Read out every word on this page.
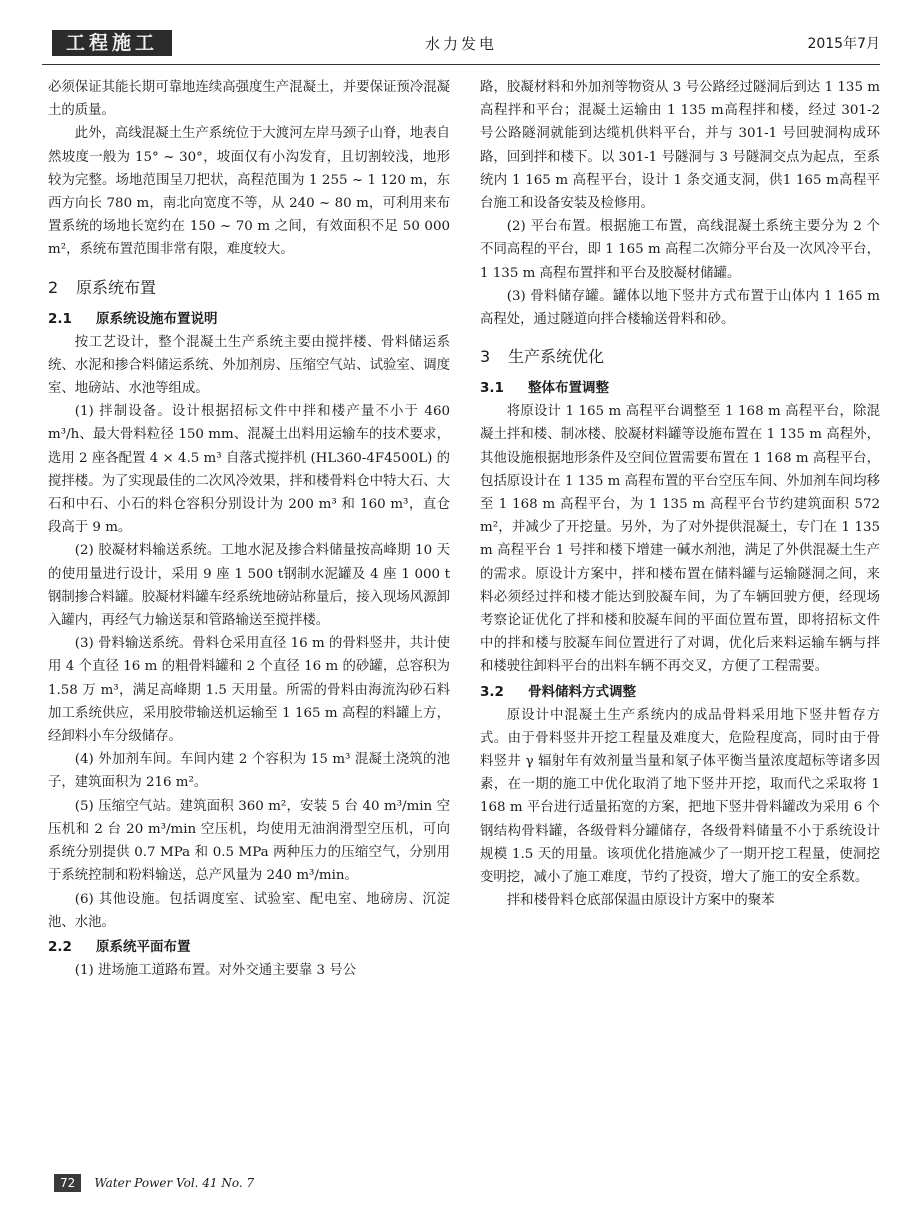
工程施工	水力发电	2015年7月

必须保证其能长期可靠地连续高强度生产混凝土，并要保证预冷混凝土的质量。

此外，高线混凝土生产系统位于大渡河左岸马颈子山脊，地表自然坡度一般为 15° ~ 30°，坡面仅有小沟发育，且切割较浅，地形较为完整。场地范围呈刀把状，高程范围为 1 255 ~ 1 120 m，东西方向长 780 m，南北向宽度不等，从 240 ~ 80 m，可利用来布置系统的场地长宽约在 150 ~ 70 m 之间，有效面积不足 50 000 m²，系统布置范围非常有限，难度较大。

2 原系统布置
2.1 原系统设施布置说明

按工艺设计，整个混凝土生产系统主要由搅拌楼、骨料储运系统、水泥和掺合料储运系统、外加剂房、压缩空气站、试验室、调度室、地磅站、水池等组成。

(1) 拌制设备。设计根据招标文件中拌和楼产量不小于 460 m³/h、最大骨料粒径 150 mm、混凝土出料用运输车的技术要求，选用 2 座各配置 4 × 4.5 m³ 自落式搅拌机 (HL360-4F4500L) 的搅拌楼。为了实现最佳的二次风冷效果，拌和楼骨料仓中特大石、大石和中石、小石的料仓容积分别设计为 200 m³ 和 160 m³，直仓段高于 9 m。

(2) 胶凝材料输送系统。工地水泥及掺合料储量按高峰期 10 天的使用量进行设计，采用 9 座 1 500 t钢制水泥罐及 4 座 1 000 t 钢制掺合料罐。胶凝材料罐车经系统地磅站称量后，接入现场风源卸入罐内，再经气力输送泵和管路输送至搅拌楼。

(3) 骨料输送系统。骨料仓采用直径 16 m 的骨料竖井，共计使用 4 个直径 16 m 的粗骨料罐和 2 个直径 16 m 的砂罐，总容积为 1.58 万 m³，满足高峰期 1.5 天用量。所需的骨料由海流沟砂石料加工系统供应，采用胶带输送机运输至 1 165 m 高程的料罐上方，经卸料小车分级储存。

(4) 外加剂车间。车间内建 2 个容积为 15 m³ 混凝土浇筑的池子，建筑面积为 216 m²。

(5) 压缩空气站。建筑面积 360 m²，安装 5 台 40 m³/min 空压机和 2 台 20 m³/min 空压机，均使用无油润滑型空压机，可向系统分别提供 0.7 MPa 和 0.5 MPa 两种压力的压缩空气，分别用于系统控制和粉料输送，总产风量为 240 m³/min。

(6) 其他设施。包括调度室、试验室、配电室、地磅房、沉淀池、水池。

2.2 原系统平面布置

(1) 进场施工道路布置。对外交通主要靠 3 号公

路，胶凝材料和外加剂等物资从 3 号公路经过隧洞后到达 1 135 m 高程拌和平台；混凝土运输由 1 135 m高程拌和楼，经过 301-2 号公路隧洞就能到达缆机供料平台，并与 301-1 号回驶洞构成环路，回到拌和楼下。以 301-1 号隧洞与 3 号隧洞交点为起点，至系统内 1 165 m 高程平台，设计 1 条交通支洞，供1 165 m高程平台施工和设备安装及检修用。

(2) 平台布置。根据施工布置，高线混凝土系统主要分为 2 个不同高程的平台，即 1 165 m 高程二次筛分平台及一次风冷平台，1 135 m 高程布置拌和平台及胶凝材储罐。

(3) 骨料储存罐。罐体以地下竖井方式布置于山体内 1 165 m 高程处，通过隧道向拌合楼输送骨料和砂。

3 生产系统优化
3.1 整体布置调整

将原设计 1 165 m 高程平台调整至 1 168 m 高程平台，除混凝土拌和楼、制冰楼、胶凝材料罐等设施布置在 1 135 m 高程外，其他设施根据地形条件及空间位置需要布置在 1 168 m 高程平台，包括原设计在 1 135 m 高程布置的平台空压车间、外加剂车间均移至 1 168 m 高程平台，为 1 135 m 高程平台节约建筑面积 572 m²，并减少了开挖量。另外，为了对外提供混凝土，专门在 1 135 m 高程平台 1 号拌和楼下增建一碱水剂池，满足了外供混凝土生产的需求。原设计方案中，拌和楼布置在储料罐与运输隧洞之间，来料必须经过拌和楼才能达到胶凝车间，为了车辆回驶方便，经现场考察论证优化了拌和楼和胶凝车间的平面位置布置，即将招标文件中的拌和楼与胶凝车间位置进行了对调，优化后来料运输车辆与拌和楼驶往卸料平台的出料车辆不再交叉，方便了工程需要。

3.2 骨料储料方式调整

原设计中混凝土生产系统内的成品骨料采用地下竖井暂存方式。由于骨料竖井开挖工程量及难度大，危险程度高，同时由于骨料竖井 γ 辐射年有效剂量当量和氡子体平衡当量浓度超标等诸多因素，在一期的施工中优化取消了地下竖井开挖，取而代之采取将 1 168 m 平台进行适量拓宽的方案，把地下竖井骨料罐改为采用 6 个钢结构骨料罐，各级骨料分罐储存，各级骨料储量不小于系统设计规模 1.5 天的用量。该项优化措施减少了一期开挖工程量，使洞挖变明挖，减小了施工难度，节约了投资，增大了施工的安全系数。

拌和楼骨料仓底部保温由原设计方案中的聚苯

72 Water Power Vol. 41 No. 7
